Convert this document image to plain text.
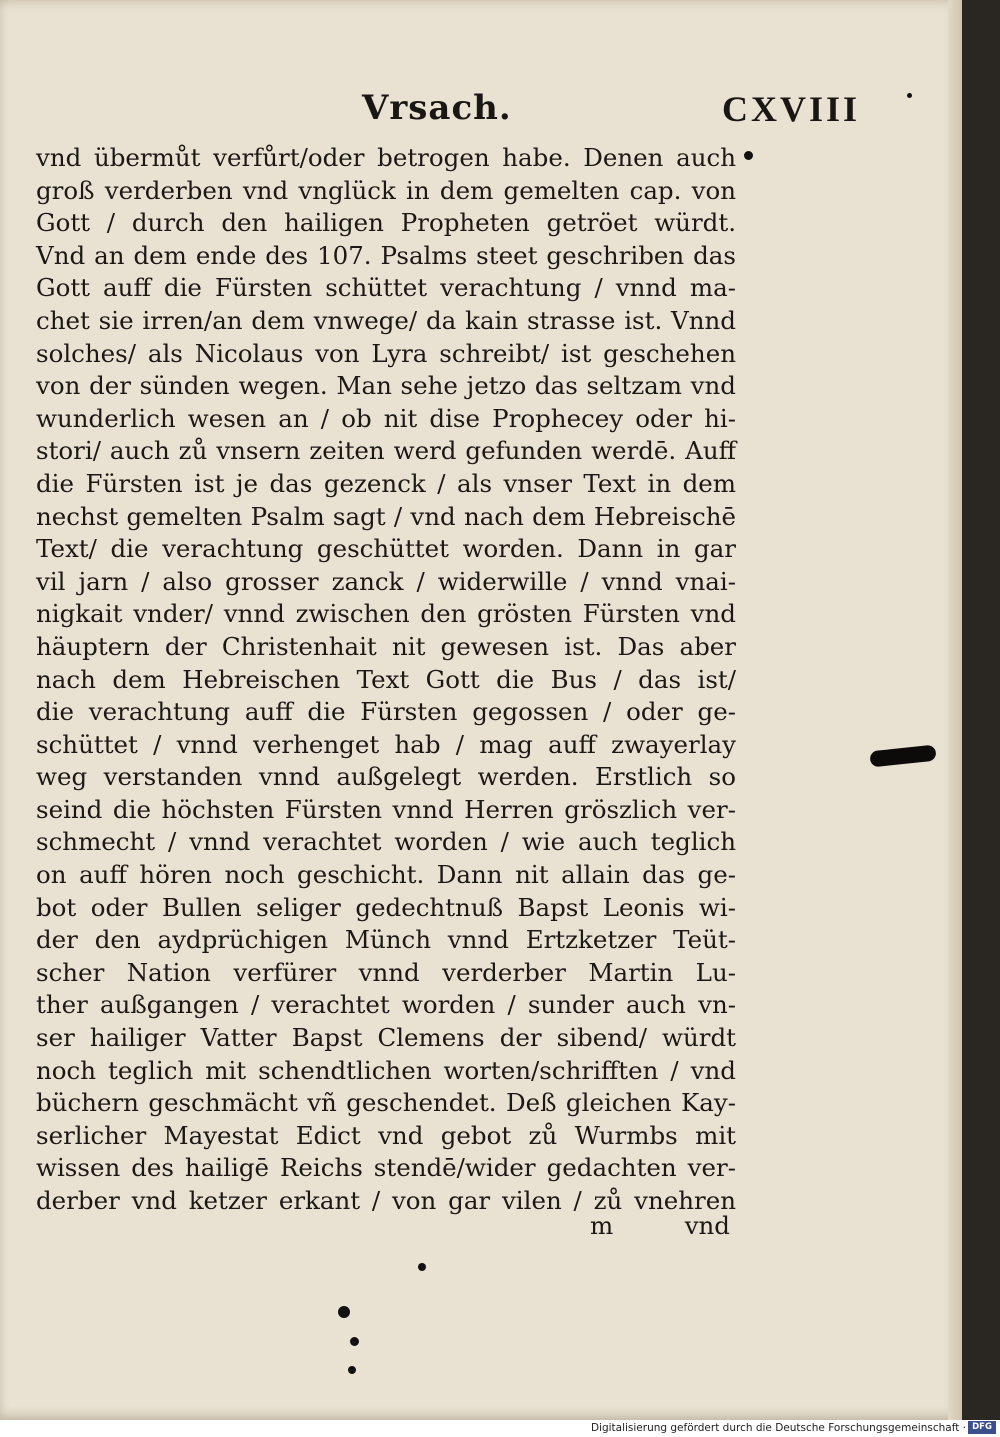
Vrsach.	CXVIII
vnd übermůt verfůrt/oder betrogen habe. Denen auch
groß verderben vnd vnglück in dem gemelten cap. von
Gott / durch den hailigen Propheten getröet würdt.
Vnd an dem ende des 107. Psalms steet geschriben das
Gott auff die Fürsten schüttet verachtung / vnnd ma-
chet sie irren/an dem vnwege/ da kain strasse ist. Vnnd
solches/ als Nicolaus von Lyra schreibt/ ist geschehen
von der sünden wegen. Man sehe jetzo das seltzam vnd
wunderlich wesen an / ob nit dise Prophecey oder hi-
stori/ auch zů vnsern zeiten werd gefunden werdē. Auff
die Fürsten ist je das gezenck / als vnser Text in dem
nechst gemelten Psalm sagt / vnd nach dem Hebreischē
Text/ die verachtung geschüttet worden. Dann in gar
vil jarn / also grosser zanck / widerwille / vnnd vnai-
nigkait vnder/ vnnd zwischen den grösten Fürsten vnd
häuptern der Christenhait nit gewesen ist. Das aber
nach dem Hebreischen Text Gott die Bus / das ist/
die verachtung auff die Fürsten gegossen / oder ge-
schüttet / vnnd verhenget hab / mag auff zwayerlay
weg verstanden vnnd außgelegt werden. Erstlich so
seind die höchsten Fürsten vnnd Herren gröszlich ver-
schmecht / vnnd verachtet worden / wie auch teglich
on auff hören noch geschicht. Dann nit allain das ge-
bot oder Bullen seliger gedechtnuß Bapst Leonis wi-
der den aydprüchigen Münch vnnd Ertzketzer Teüt-
scher Nation verfürer vnnd verderber Martin Lu-
ther außgangen / verachtet worden / sunder auch vn-
ser hailiger Vatter Bapst Clemens der sibend/ würdt
noch teglich mit schendtlichen worten/schrifften / vnd
büchern geschmächt vñ geschendet. Deß gleichen Kay-
serlicher Mayestat Edict vnd gebot zů Wurmbs mit
wissen des hailigē Reichs stendē/wider gedachten ver-
derber vnd ketzer erkant / von gar vilen / zů vnehren
m	vnd
Digitalisierung gefördert durch die Deutsche Forschungsgemeinschaft · DFG
